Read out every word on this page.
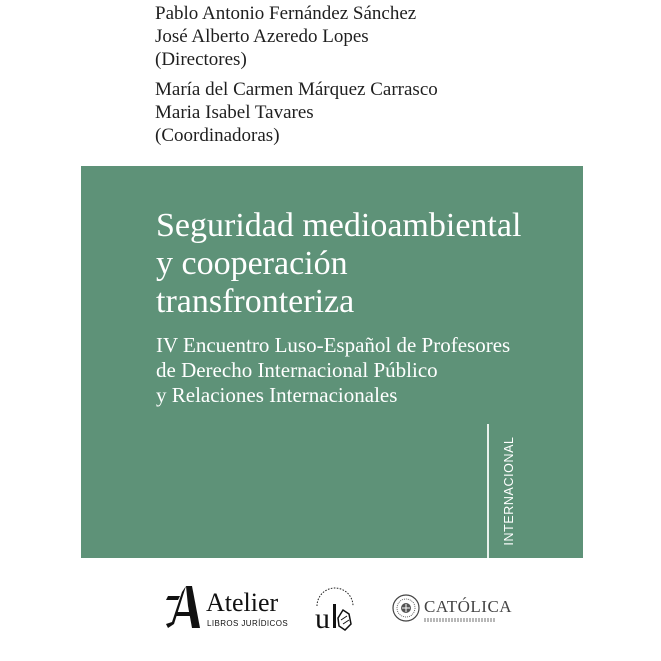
Pablo Antonio Fernández Sánchez
José Alberto Azeredo Lopes
(Directores)
María del Carmen Márquez Carrasco
Maria Isabel Tavares
(Coordinadoras)
Seguridad medioambiental
y cooperación
transfronteriza
IV Encuentro Luso-Español de Profesores
de Derecho Internacional Público
y Relaciones Internacionales
INTERNACIONAL
Atelier
LIBROS JURÍDICOS u	CATÓLICA
